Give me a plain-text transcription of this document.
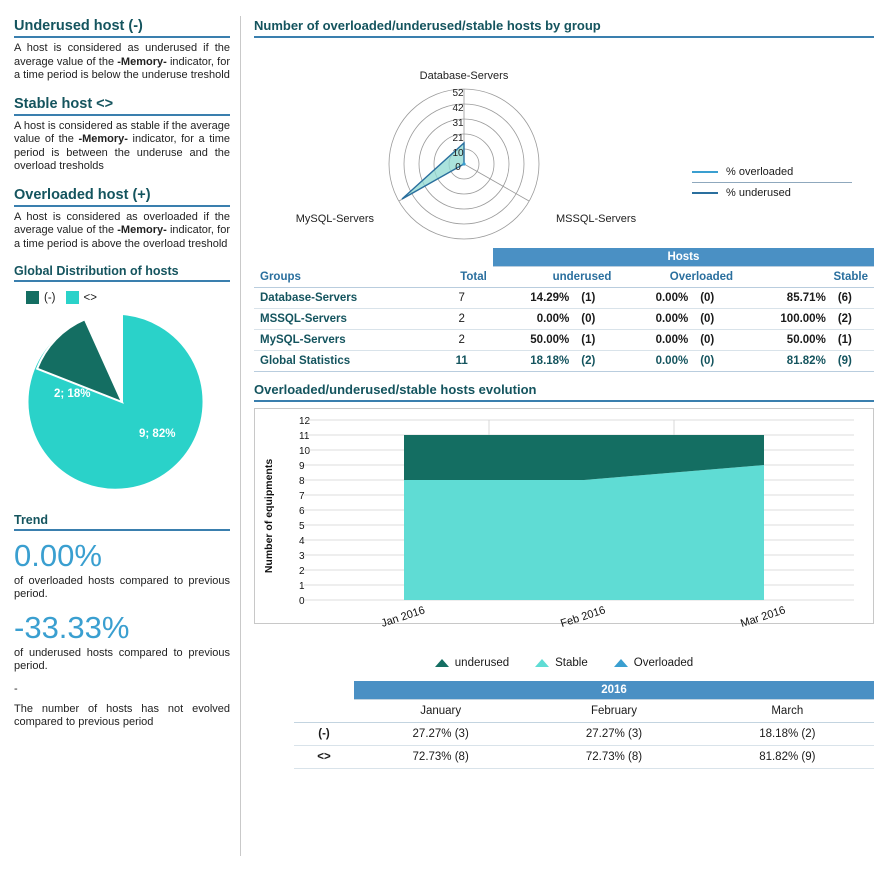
Underused host (-)
A host is considered as underused if the average value of the -Memory- indicator, for a time period is below the underuse treshold
Stable host <>
A host is considered as stable if the average value of the -Memory- indicator, for a time period is between the underuse and the overload tresholds
Overloaded host (+)
A host is considered as overloaded if the average value of the -Memory- indicator, for a time period is above the overload treshold
Global Distribution of hosts
(-) <>
2; 18%
9; 82%
Trend
0.00%
of overloaded hosts compared to previous period.
-33.33%
of underused hosts compared to previous period.
-
The number of hosts has not evolved compared to previous period
Number of overloaded/underused/stable hosts by group
52
42
31
21
10
0
Database-Servers
MSSQL-Servers
MySQL-Servers
% overloaded
% underused
		Hosts					
Groups	Total	underused		Overloaded		Stable	
Database-Servers	7	14.29%	(1)	0.00%	(0)	85.71%	(6)
MSSQL-Servers	2	0.00%	(0)	0.00%	(0)	100.00%	(2)
MySQL-Servers	2	50.00%	(1)	0.00%	(0)	50.00%	(1)
Global Statistics	11	18.18%	(2)	0.00%	(0)	81.82%	(9)
Overloaded/underused/stable hosts evolution
Number of equipments
12
11
10
9
8
7
6
5
4
3
2
1
0
Jan 2016	Feb 2016	Mar 2016
underused	Stable	Overloaded
	2016		
	January	February	March
(-)	27.27% (3)	27.27% (3)	18.18% (2)
<>	72.73% (8)	72.73% (8)	81.82% (9)
